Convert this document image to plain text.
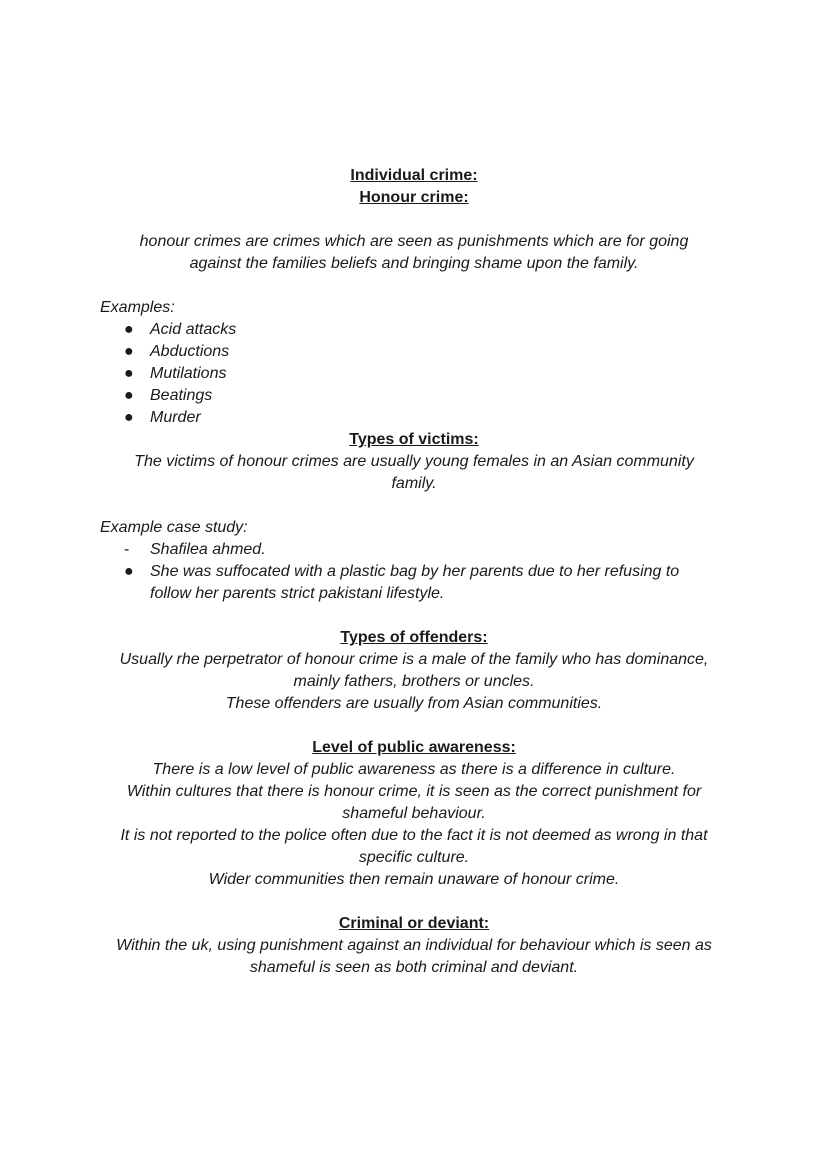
Individual crime:
Honour crime:
honour crimes are crimes which are seen as punishments which are for going
against the families beliefs and bringing shame upon the family.
Examples:
● Acid attacks
● Abductions
● Mutilations
● Beatings
● Murder
Types of victims:
The victims of honour crimes are usually young females in an Asian community
family.
Example case study:
- Shafilea ahmed.
● She was suffocated with a plastic bag by her parents due to her refusing to
follow her parents strict pakistani lifestyle.
Types of offenders:
Usually rhe perpetrator of honour crime is a male of the family who has dominance,
mainly fathers, brothers or uncles.
These offenders are usually from Asian communities.
Level of public awareness:
There is a low level of public awareness as there is a difference in culture.
Within cultures that there is honour crime, it is seen as the correct punishment for
shameful behaviour.
It is not reported to the police often due to the fact it is not deemed as wrong in that
specific culture.
Wider communities then remain unaware of honour crime.
Criminal or deviant:
Within the uk, using punishment against an individual for behaviour which is seen as
shameful is seen as both criminal and deviant.
